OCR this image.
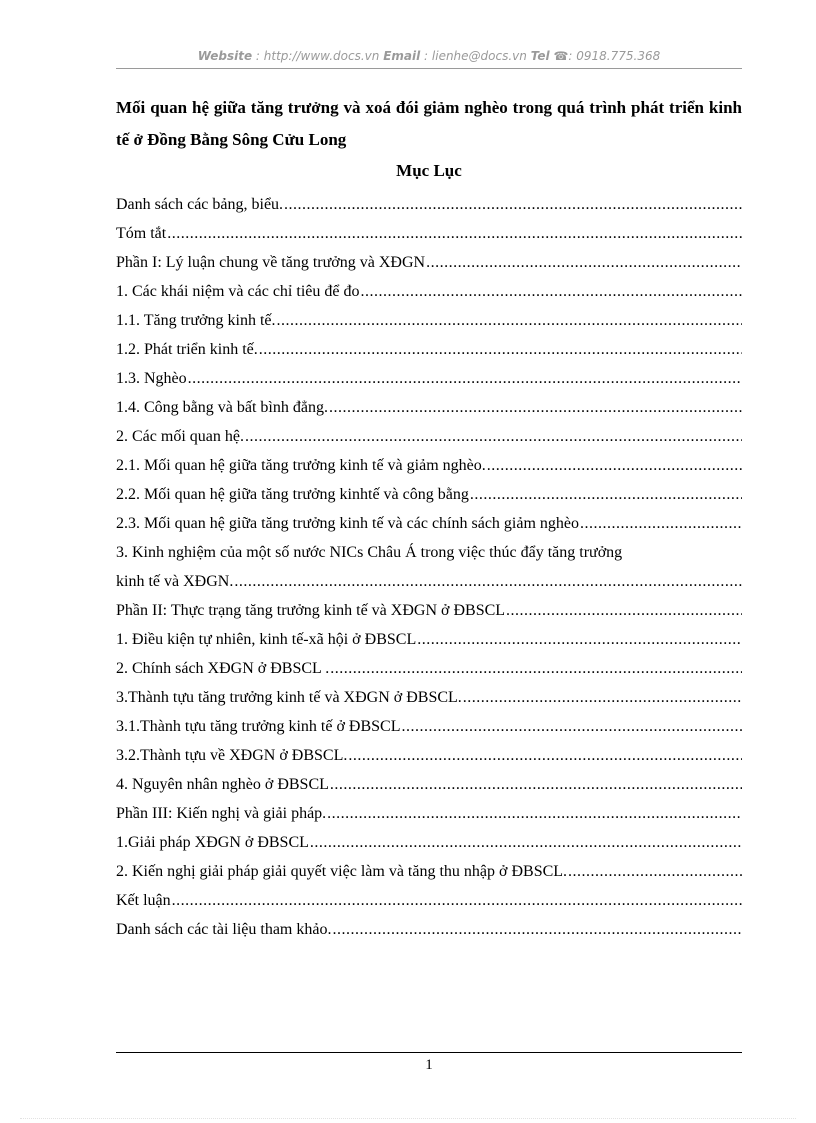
Website : http://www.docs.vn Email : lienhe@docs.vn Tel ☎: 0918.775.368
Mối quan hệ giữa tăng trưởng và xoá đói giảm nghèo trong quá trình phát triển kinh tế ở Đồng Bằng Sông Cửu Long
Mục Lục
Danh sách các bảng, biểu.
.....
Tóm tắt
.....
Phần I: Lý luận chung về tăng trưởng và XĐGN
.....
1. Các khái niệm và các chỉ tiêu để đo
.....
1.1. Tăng trưởng kinh tế.
.....
1.2. Phát triển kinh tế.
.....
1.3. Nghèo
.....
1.4. Công bằng và bất bình đẳng.
.....
2. Các mối quan hệ.
.....
2.1. Mối quan hệ giữa tăng trưởng kinh tế và giảm nghèo.
.....
2.2. Mối quan hệ giữa tăng trưởng kinhtế và công bằng
.....
2.3. Mối quan hệ giữa tăng trưởng kinh tế và các chính sách giảm nghèo
.....
3. Kinh nghiệm của một số nước NICs Châu Á trong việc thúc đẩy tăng trưởng
kinh tế và XĐGN.
.....
Phần II: Thực trạng tăng trưởng kinh tế và XĐGN ở ĐBSCL
.....
1. Điều kiện tự nhiên, kinh tế-xã hội ở ĐBSCL
.....
2. Chính sách XĐGN ở ĐBSCL .
.....
3.Thành tựu tăng trưởng kinh tế và XĐGN ở ĐBSCL.
.....
3.1.Thành tựu tăng trưởng kinh tế ở ĐBSCL
.....
3.2.Thành tựu về XĐGN ở ĐBSCL.
.....
4. Nguyên nhân nghèo ở ĐBSCL
.....
Phần III: Kiến nghị và giải pháp.
.....
1.Giải pháp XĐGN ở ĐBSCL
.....
2. Kiến nghị giải pháp giải quyết việc làm và tăng thu nhập ở ĐBSCL.
.....
Kết luận
.....
Danh sách các tài liệu tham khảo.
.....
1
